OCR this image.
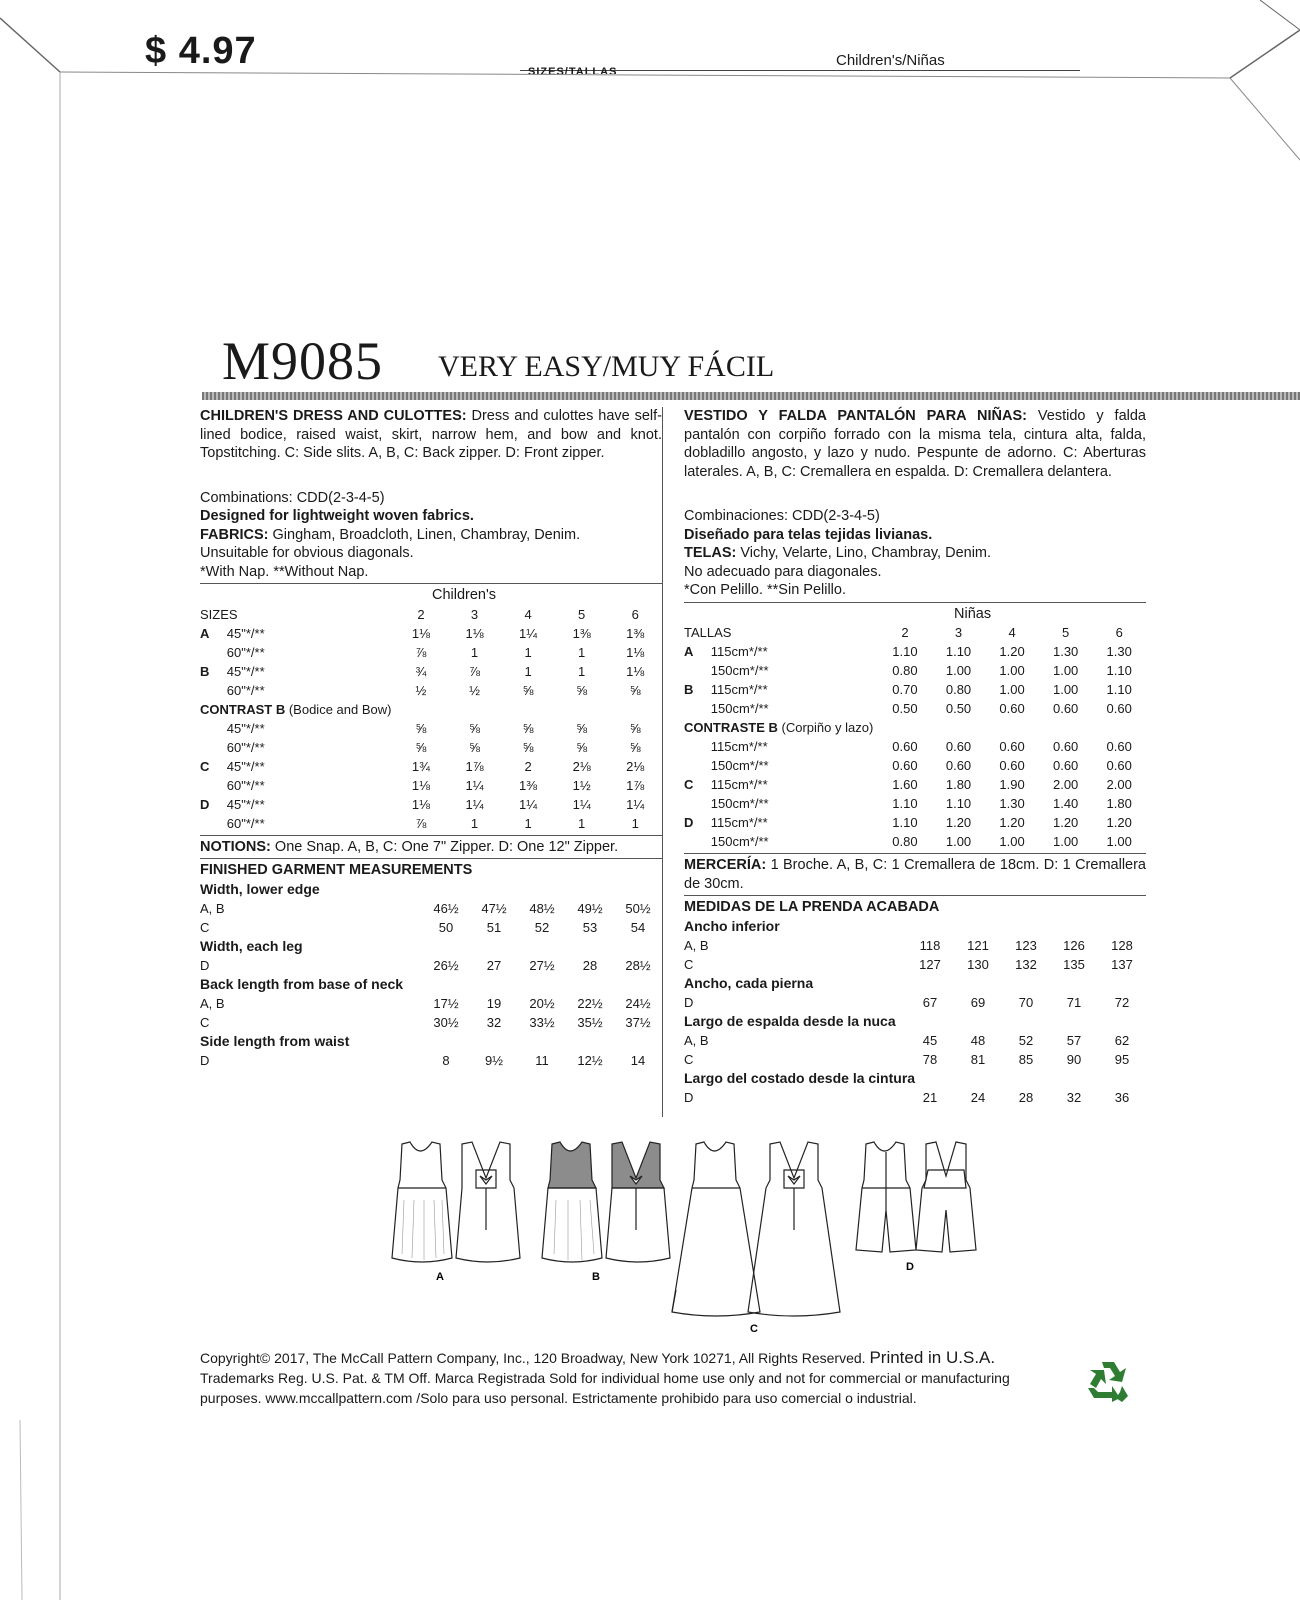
$ 4.97	Children's/Niñas
SIZES/TALLAS
M9085 VERY EASY/MUY FÁCIL

CHILDREN'S DRESS AND CULOTTES: Dress and culottes have self-lined bodice, raised waist, skirt, narrow hem, and bow and knot. Topstitching. C: Side slits. A, B, C: Back zipper. D: Front zipper.

Combinations: CDD(2-3-4-5)
Designed for lightweight woven fabrics.
FABRICS: Gingham, Broadcloth, Linen, Chambray, Denim.
Unsuitable for obvious diagonals.
*With Nap. **Without Nap.
Children's
SIZES		2	3	4	5	6
A	45"*/**	1⅛	1⅛	1¼	1⅜	1⅜
	60"*/**	⅞	1	1	1	1⅛
B	45"*/**	¾	⅞	1	1	1⅛
	60"*/**	½	½	⅝	⅝	⅝
CONTRAST B (Bodice and Bow)						
	45"*/**	⅝	⅝	⅝	⅝	⅝
	60"*/**	⅝	⅝	⅝	⅝	⅝
C	45"*/**	1¾	1⅞	2	2⅛	2⅛
	60"*/**	1⅛	1¼	1⅜	1½	1⅞
D	45"*/**	1⅛	1¼	1¼	1¼	1¼
	60"*/**	⅞	1	1	1	1

NOTIONS: One Snap. A, B, C: One 7" Zipper. D: One 12" Zipper.

FINISHED GARMENT MEASUREMENTS
Width, lower edge					
A, B	46½	47½	48½	49½	50½
C	50	51	52	53	54
Width, each leg					
D	26½	27	27½	28	28½
Back length from base of neck					
A, B	17½	19	20½	22½	24½
C	30½	32	33½	35½	37½
Side length from waist					
D	8	9½	11	12½	14

VESTIDO Y FALDA PANTALÓN PARA NIÑAS: Vestido y falda pantalón con corpiño forrado con la misma tela, cintura alta, falda, dobladillo angosto, y lazo y nudo. Pespunte de adorno. C: Aberturas laterales. A, B, C: Cremallera en espalda. D: Cremallera delantera.

Combinaciones: CDD(2-3-4-5)
Diseñado para telas tejidas livianas.
TELAS: Vichy, Velarte, Lino, Chambray, Denim.
No adecuado para diagonales.
*Con Pelillo. **Sin Pelillo.
Niñas
TALLAS		2	3	4	5	6
A	115cm*/**	1.10	1.10	1.20	1.30	1.30
	150cm*/**	0.80	1.00	1.00	1.00	1.10
B	115cm*/**	0.70	0.80	1.00	1.00	1.10
	150cm*/**	0.50	0.50	0.60	0.60	0.60
CONTRASTE B (Corpiño y lazo)						
	115cm*/**	0.60	0.60	0.60	0.60	0.60
	150cm*/**	0.60	0.60	0.60	0.60	0.60
C	115cm*/**	1.60	1.80	1.90	2.00	2.00
	150cm*/**	1.10	1.10	1.30	1.40	1.80
D	115cm*/**	1.10	1.20	1.20	1.20	1.20
	150cm*/**	0.80	1.00	1.00	1.00	1.00

MERCERÍA: 1 Broche. A, B, C: 1 Cremallera de 18cm. D: 1 Cremallera de 30cm.

MEDIDAS DE LA PRENDA ACABADA
Ancho inferior					
A, B	118	121	123	126	128
C	127	130	132	135	137
Ancho, cada pierna					
D	67	69	70	71	72
Largo de espalda desde la nuca					
A, B	45	48	52	57	62
C	78	81	85	90	95
Largo del costado desde la cintura					
D	21	24	28	32	36
A	B
C
D
Copyright© 2017, The McCall Pattern Company, Inc., 120 Broadway, New York 10271, All Rights Reserved. Printed in U.S.A.
Trademarks Reg. U.S. Pat. & TM Off. Marca Registrada Sold for individual home use only and not for commercial or manufacturing purposes. www.mccallpattern.com /Solo para uso personal. Estrictamente prohibido para uso comercial o industrial.
